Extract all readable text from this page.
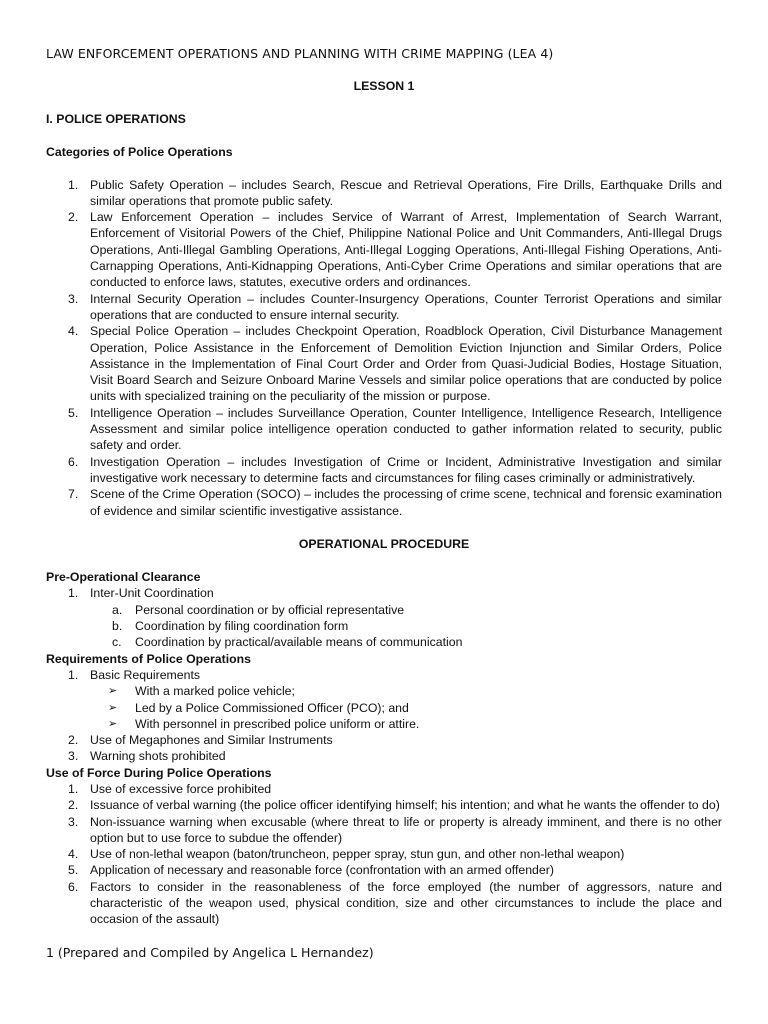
LAW ENFORCEMENT OPERATIONS AND PLANNING WITH CRIME MAPPING (LEA 4)
LESSON 1
I. POLICE OPERATIONS
Categories of Police Operations
1. Public Safety Operation – includes Search, Rescue and Retrieval Operations, Fire Drills, Earthquake Drills and similar operations that promote public safety.
2. Law Enforcement Operation – includes Service of Warrant of Arrest, Implementation of Search Warrant, Enforcement of Visitorial Powers of the Chief, Philippine National Police and Unit Commanders, Anti-Illegal Drugs Operations, Anti-Illegal Gambling Operations, Anti-Illegal Logging Operations, Anti-Illegal Fishing Operations, Anti-Carnapping Operations, Anti-Kidnapping Operations, Anti-Cyber Crime Operations and similar operations that are conducted to enforce laws, statutes, executive orders and ordinances.
3. Internal Security Operation – includes Counter-Insurgency Operations, Counter Terrorist Operations and similar operations that are conducted to ensure internal security.
4. Special Police Operation – includes Checkpoint Operation, Roadblock Operation, Civil Disturbance Management Operation, Police Assistance in the Enforcement of Demolition Eviction Injunction and Similar Orders, Police Assistance in the Implementation of Final Court Order and Order from Quasi-Judicial Bodies, Hostage Situation, Visit Board Search and Seizure Onboard Marine Vessels and similar police operations that are conducted by police units with specialized training on the peculiarity of the mission or purpose.
5. Intelligence Operation – includes Surveillance Operation, Counter Intelligence, Intelligence Research, Intelligence Assessment and similar police intelligence operation conducted to gather information related to security, public safety and order.
6. Investigation Operation – includes Investigation of Crime or Incident, Administrative Investigation and similar investigative work necessary to determine facts and circumstances for filing cases criminally or administratively.
7. Scene of the Crime Operation (SOCO) – includes the processing of crime scene, technical and forensic examination of evidence and similar scientific investigative assistance.
OPERATIONAL PROCEDURE
Pre-Operational Clearance
1. Inter-Unit Coordination
a. Personal coordination or by official representative
b. Coordination by filing coordination form
c. Coordination by practical/available means of communication
Requirements of Police Operations
1. Basic Requirements
➢ With a marked police vehicle;
➢ Led by a Police Commissioned Officer (PCO); and
➢ With personnel in prescribed police uniform or attire.
2. Use of Megaphones and Similar Instruments
3. Warning shots prohibited
Use of Force During Police Operations
1. Use of excessive force prohibited
2. Issuance of verbal warning (the police officer identifying himself; his intention; and what he wants the offender to do)
3. Non-issuance warning when excusable (where threat to life or property is already imminent, and there is no other option but to use force to subdue the offender)
4. Use of non-lethal weapon (baton/truncheon, pepper spray, stun gun, and other non-lethal weapon)
5. Application of necessary and reasonable force (confrontation with an armed offender)
6. Factors to consider in the reasonableness of the force employed (the number of aggressors, nature and characteristic of the weapon used, physical condition, size and other circumstances to include the place and occasion of the assault)
1 (Prepared and Compiled by Angelica L Hernandez)
